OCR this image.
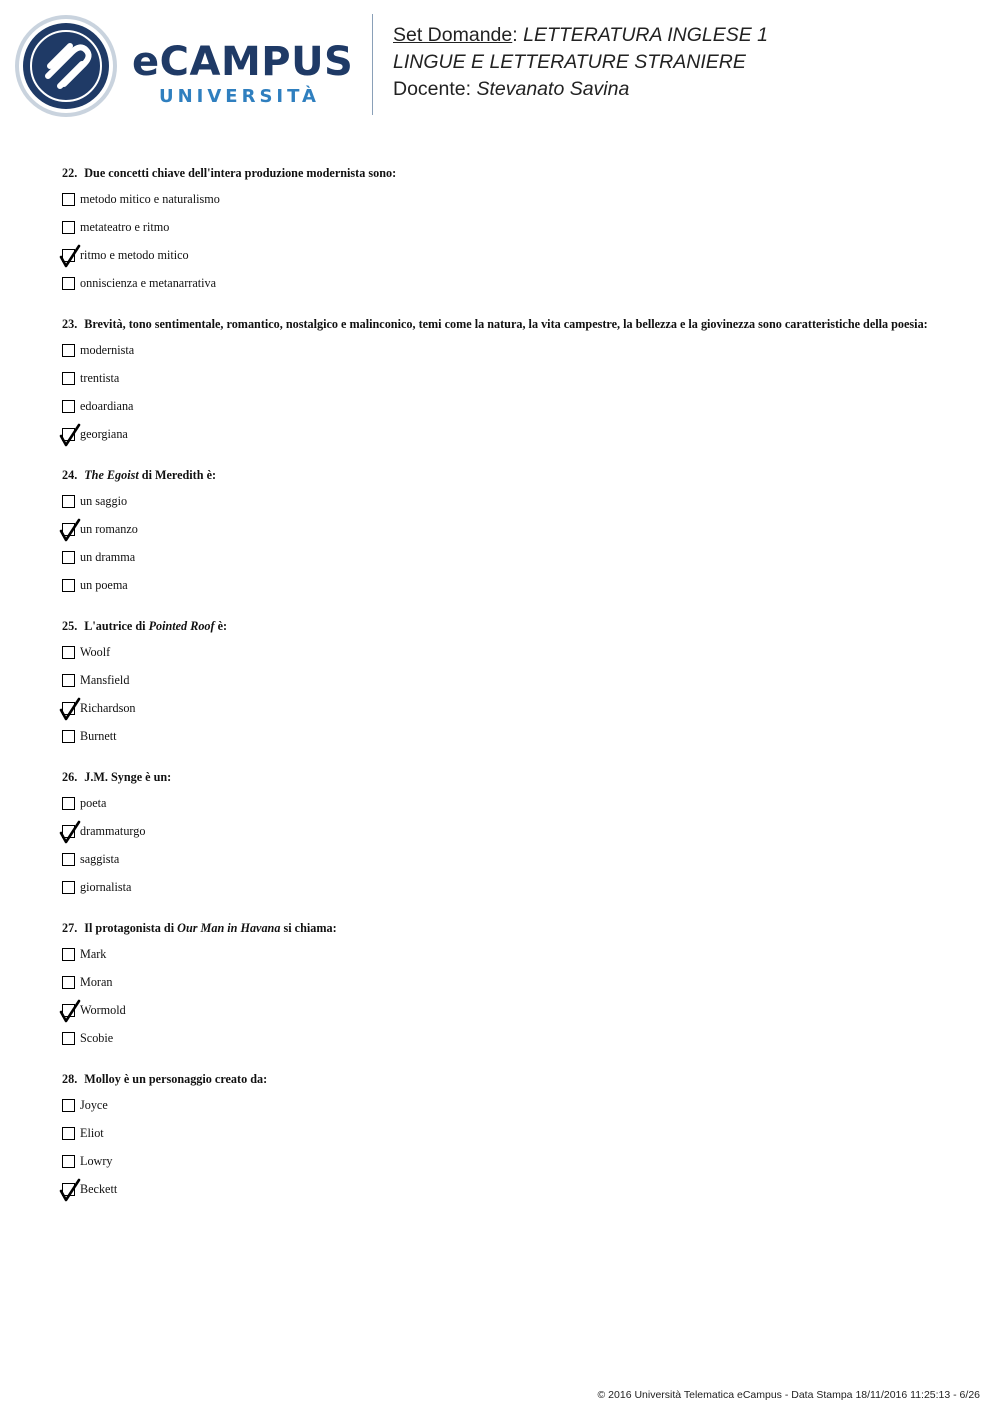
eCAMPUS
UNIVERSITÀ
Set Domande: LETTERATURA INGLESE 1
LINGUE E LETTERATURE STRANIERE
Docente: Stevanato Savina
22. Due concetti chiave dell'intera produzione modernista sono:
metodo mitico e naturalismo
metateatro e ritmo
ritmo e metodo mitico
onniscienza e metanarrativa
23. Brevità, tono sentimentale, romantico, nostalgico e malinconico, temi come la natura, la vita campestre, la bellezza e la giovinezza sono caratteristiche della poesia:
modernista
trentista
edoardiana
georgiana
24. The Egoist di Meredith è:
un saggio
un romanzo
un dramma
un poema
25. L'autrice di Pointed Roof è:
Woolf
Mansfield
Richardson
Burnett
26. J.M. Synge è un:
poeta
drammaturgo
saggista
giornalista
27. Il protagonista di Our Man in Havana si chiama:
Mark
Moran
Wormold
Scobie
28. Molloy è un personaggio creato da:
Joyce
Eliot
Lowry
Beckett
© 2016 Università Telematica eCampus - Data Stampa 18/11/2016 11:25:13 - 6/26
